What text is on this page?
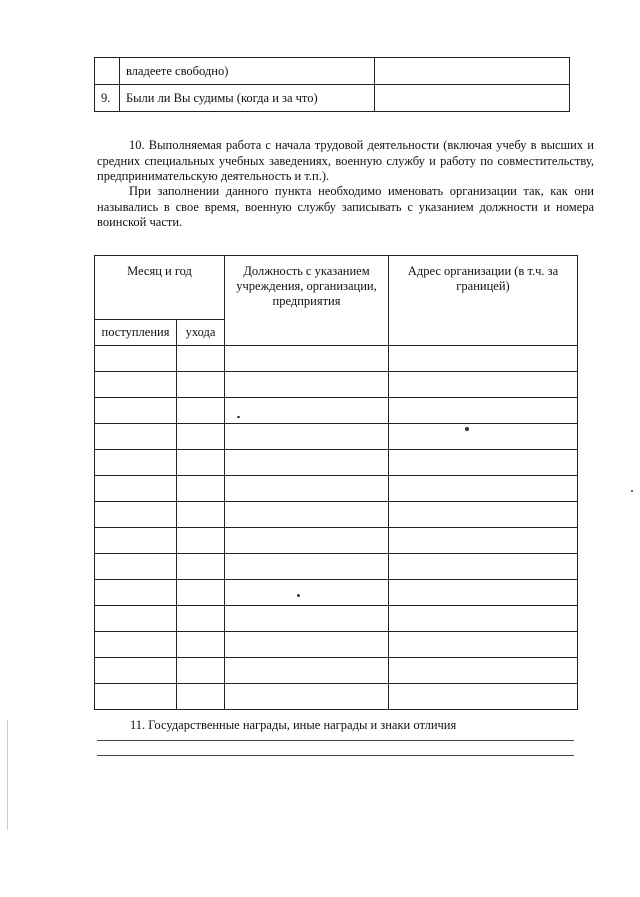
	владеете свободно)	
9.	Были ли Вы судимы (когда и за что)	

10. Выполняемая работа с начала трудовой деятельности (включая учебу в высших и средних специальных учебных заведениях, военную службу и работу по совместительству, предпринимательскую деятельность и т.п.).

При заполнении данного пункта необходимо именовать организации так, как они назывались в свое время, военную службу записывать с указанием должности и номера воинской части.

Месяц и год		Должность с указанием учреждения, организации, предприятия	Адрес организации (в т.ч. за границей)
поступления	ухода		

11. Государственные награды, иные награды и знаки отличия
